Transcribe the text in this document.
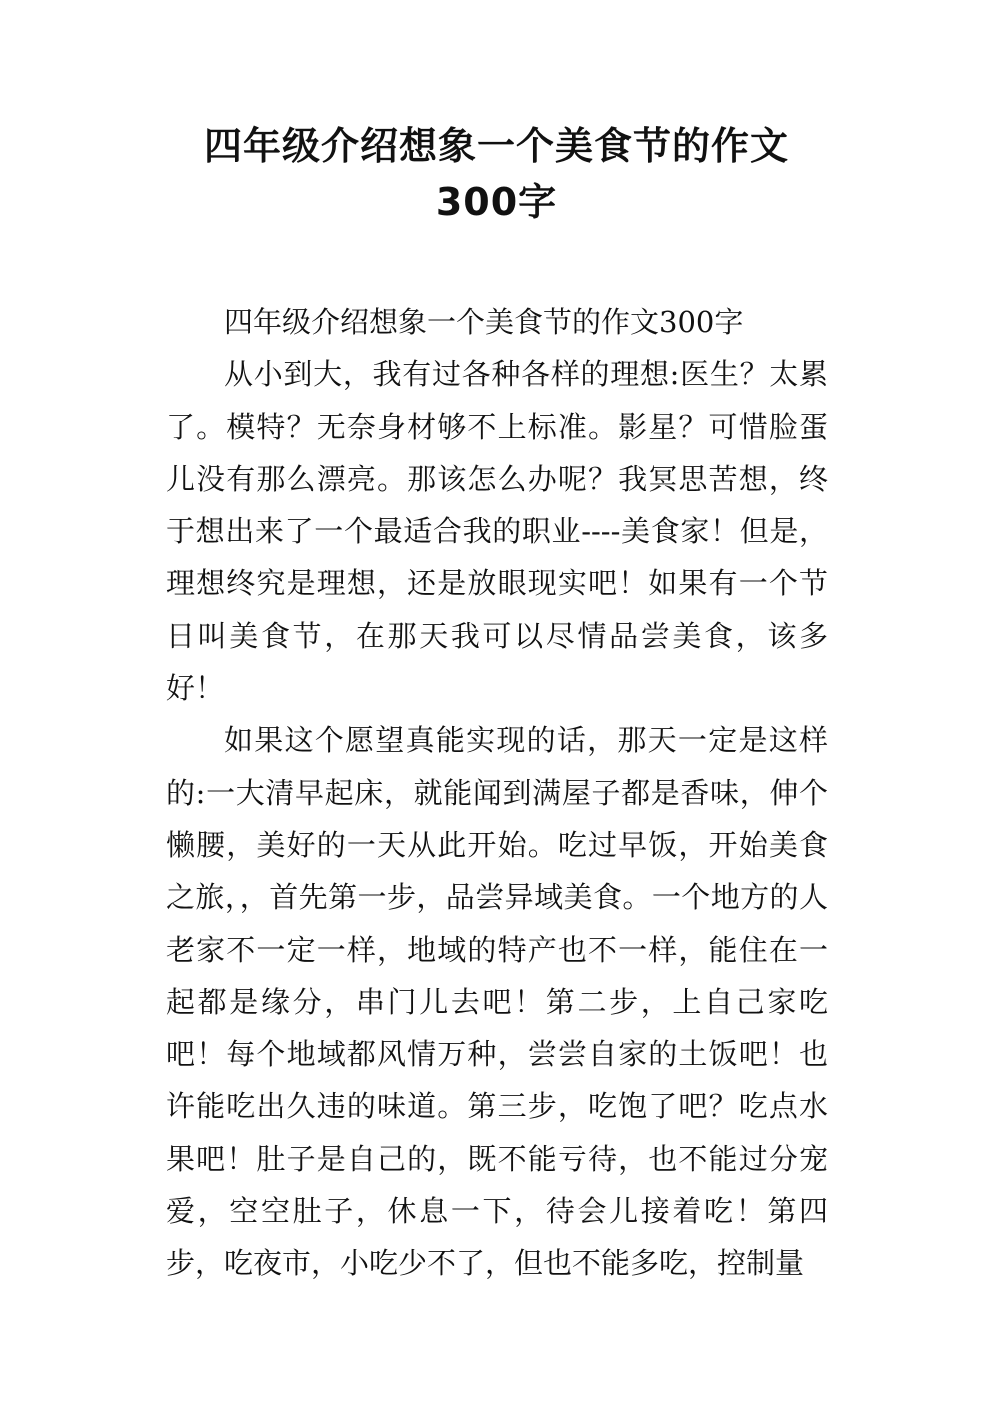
四年级介绍想象一个美食节的作文
300字

四年级介绍想象一个美食节的作文300字

从小到大，我有过各种各样的理想:医生？太累了。模特？无奈身材够不上标准。影星？可惜脸蛋儿没有那么漂亮。那该怎么办呢？我冥思苦想，终于想出来了一个最适合我的职业----美食家！但是，理想终究是理想，还是放眼现实吧！如果有一个节日叫美食节，在那天我可以尽情品尝美食，该多好！

如果这个愿望真能实现的话，那天一定是这样的:一大清早起床，就能闻到满屋子都是香味，伸个懒腰，美好的一天从此开始。吃过早饭，开始美食之旅，，首先第一步，品尝异域美食。一个地方的人老家不一定一样，地域的特产也不一样，能住在一起都是缘分，串门儿去吧！第二步，上自己家吃吧！每个地域都风情万种，尝尝自家的土饭吧！也许能吃出久违的味道。第三步，吃饱了吧？吃点水果吧！肚子是自己的，既不能亏待，也不能过分宠爱，空空肚子，休息一下，待会儿接着吃！第四步，吃夜市，小吃少不了，但也不能多吃，控制量
